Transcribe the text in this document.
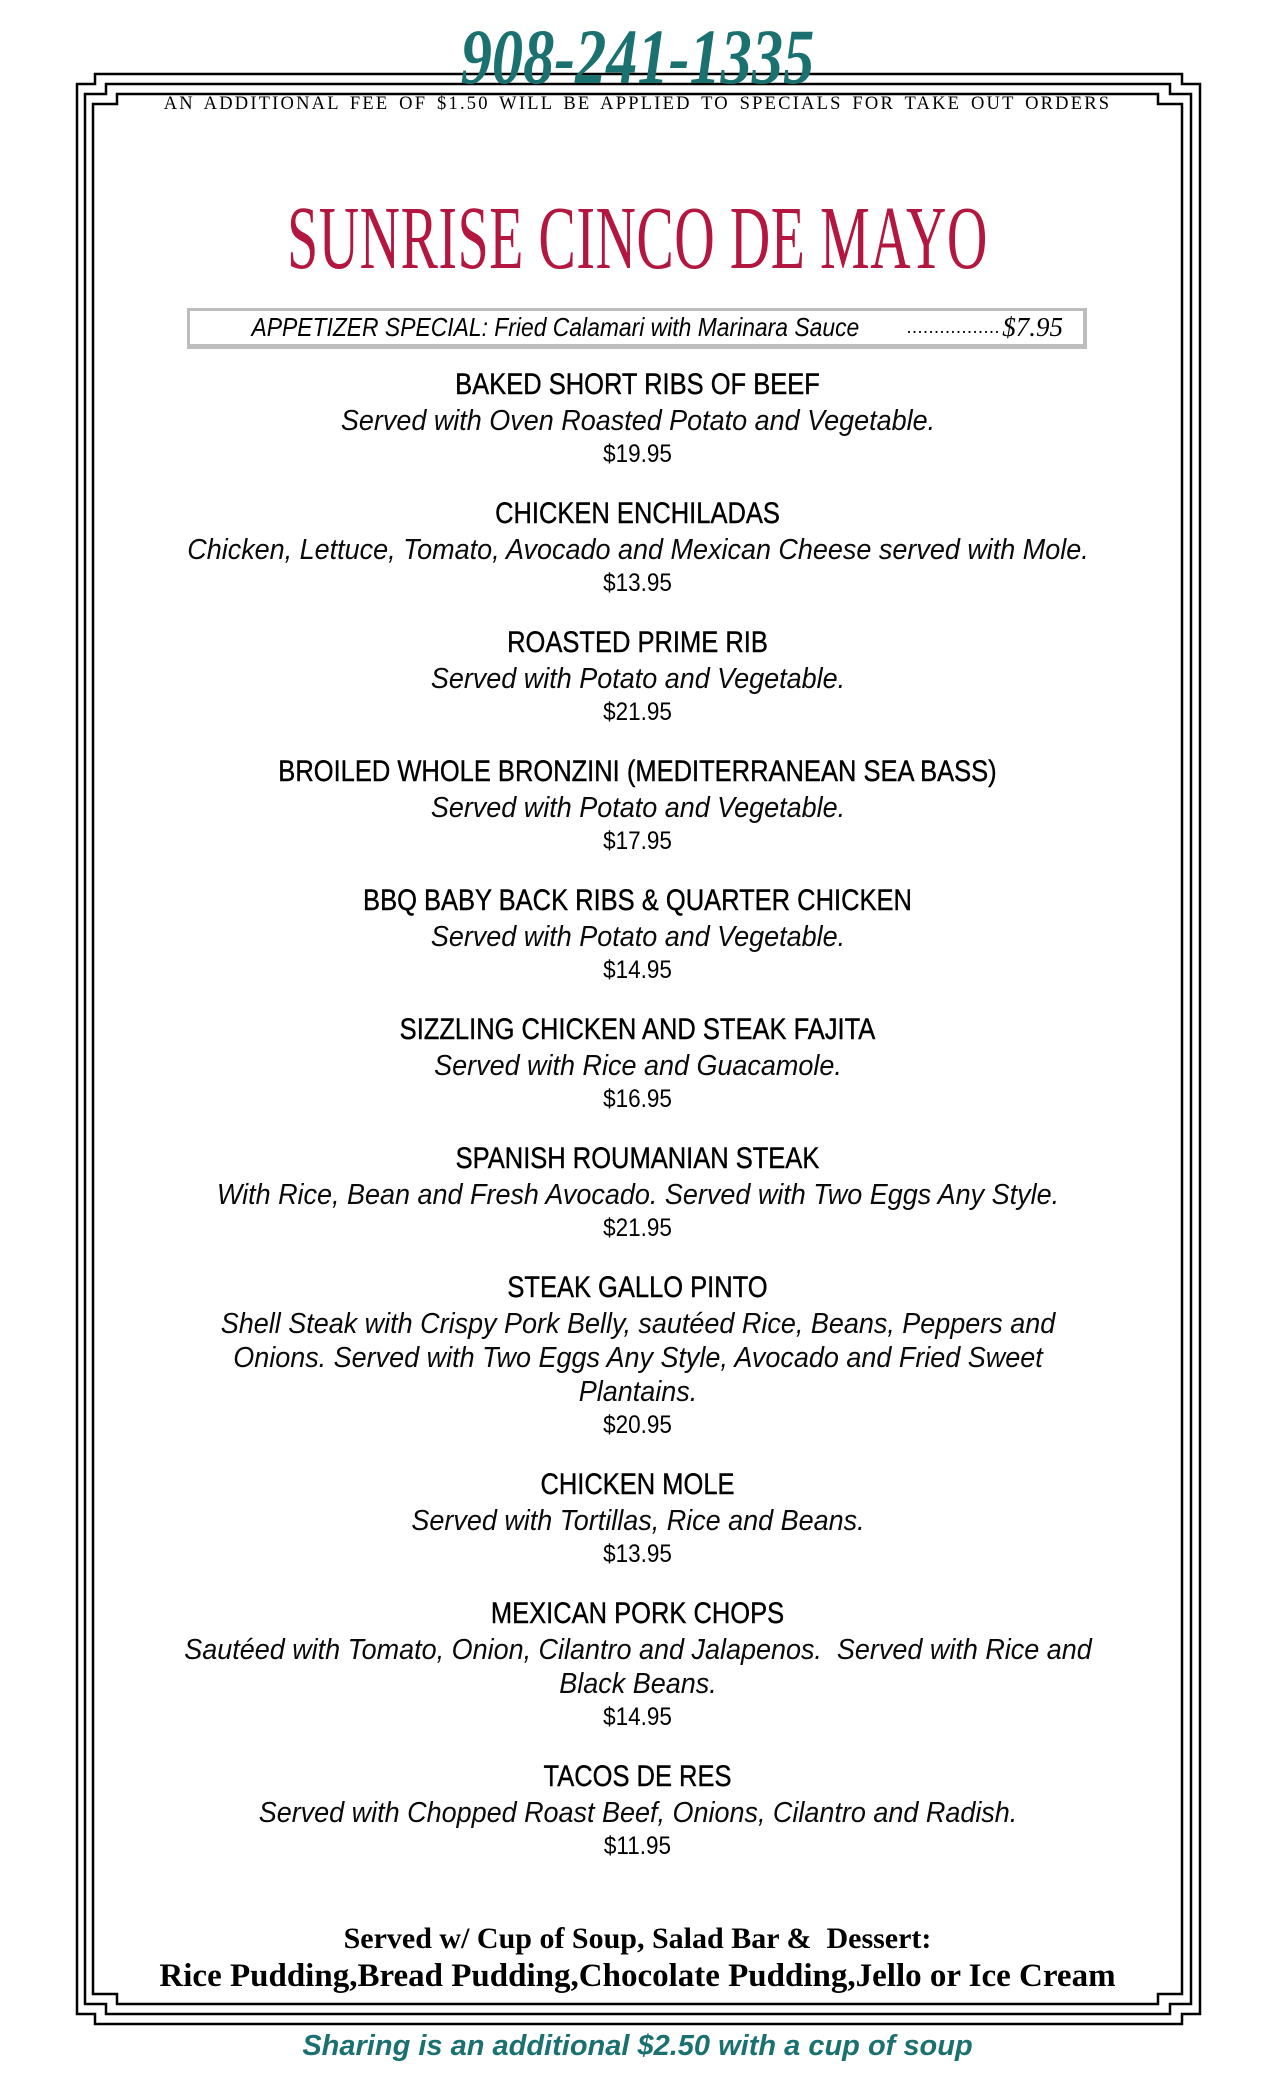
908-241-1335
AN ADDITIONAL FEE OF $1.50 WILL BE APPLIED TO SPECIALS FOR TAKE OUT ORDERS
SUNRISE CINCO DE MAYO
APPETIZER SPECIAL: Fried Calamari with Marinara Sauce	................. $7.95
BAKED SHORT RIBS OF BEEF
Served with Oven Roasted Potato and Vegetable.
$19.95
CHICKEN ENCHILADAS
Chicken, Lettuce, Tomato, Avocado and Mexican Cheese served with Mole.
$13.95
ROASTED PRIME RIB
Served with Potato and Vegetable.
$21.95
BROILED WHOLE BRONZINI (MEDITERRANEAN SEA BASS)
Served with Potato and Vegetable.
$17.95
BBQ BABY BACK RIBS & QUARTER CHICKEN
Served with Potato and Vegetable.
$14.95
SIZZLING CHICKEN AND STEAK FAJITA
Served with Rice and Guacamole.
$16.95
SPANISH ROUMANIAN STEAK
With Rice, Bean and Fresh Avocado. Served with Two Eggs Any Style.
$21.95
STEAK GALLO PINTO
Shell Steak with Crispy Pork Belly, sautéed Rice, Beans, Peppers and Onions. Served with Two Eggs Any Style, Avocado and Fried Sweet Plantains.
$20.95
CHICKEN MOLE
Served with Tortillas, Rice and Beans.
$13.95
MEXICAN PORK CHOPS
Sautéed with Tomato, Onion, Cilantro and Jalapenos.  Served with Rice and Black Beans.
$14.95
TACOS DE RES
Served with Chopped Roast Beef, Onions, Cilantro and Radish.
$11.95
Served w/ Cup of Soup, Salad Bar &  Dessert:
Rice Pudding,Bread Pudding,Chocolate Pudding,Jello or Ice Cream
Sharing is an additional $2.50 with a cup of soup
